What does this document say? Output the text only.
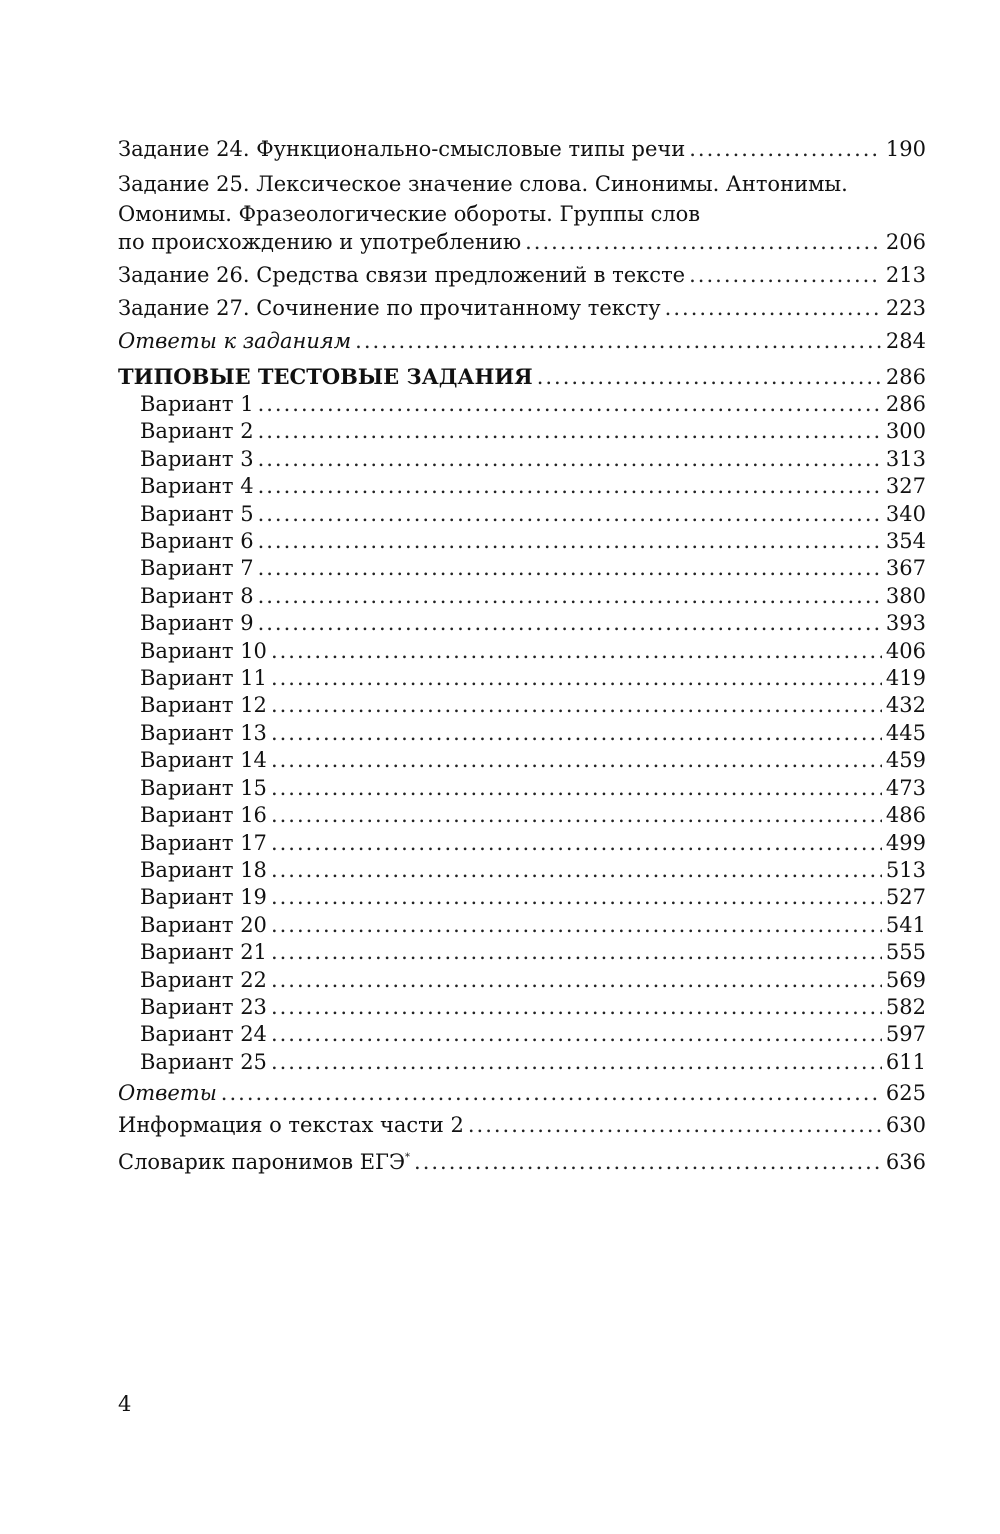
Задание 24. Функционально-смысловые типы речи .....	190
Задание 25. Лексическое значение слова. Синонимы. Антонимы.
Омонимы. Фразеологические обороты. Группы слов
по происхождению и употреблению .....	206
Задание 26. Средства связи предложений в тексте .....	213
Задание 27. Сочинение по прочитанному тексту .....	223
Ответы к заданиям .....	284
ТИПОВЫЕ ТЕСТОВЫЕ ЗАДАНИЯ .....	286
Вариант 1 .....	286
Вариант 2 .....	300
Вариант 3 .....	313
Вариант 4 .....	327
Вариант 5 .....	340
Вариант 6 .....	354
Вариант 7 .....	367
Вариант 8 .....	380
Вариант 9 .....	393
Вариант 10 .....	406
Вариант 11 .....	419
Вариант 12 .....	432
Вариант 13 .....	445
Вариант 14 .....	459
Вариант 15 .....	473
Вариант 16 .....	486
Вариант 17 .....	499
Вариант 18 .....	513
Вариант 19 .....	527
Вариант 20 .....	541
Вариант 21 .....	555
Вариант 22 .....	569
Вариант 23 .....	582
Вариант 24 .....	597
Вариант 25 .....	611
Ответы .....	625
Информация о текстах части 2 .....	630
Словарик паронимов ЕГЭ* .....	636
4
